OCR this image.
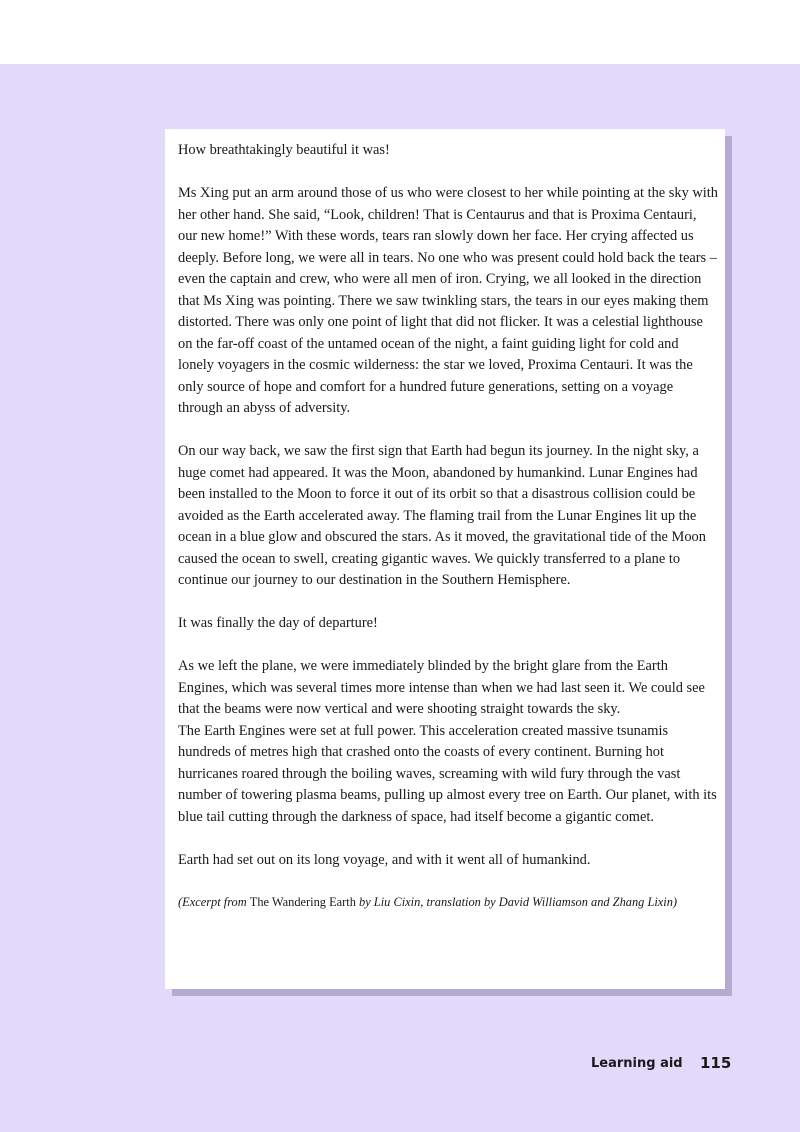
How breathtakingly beautiful it was!

Ms Xing put an arm around those of us who were closest to her while pointing at the sky with her other hand. She said, “Look, children! That is Centaurus and that is Proxima Centauri, our new home!” With these words, tears ran slowly down her face. Her crying affected us deeply. Before long, we were all in tears. No one who was present could hold back the tears – even the captain and crew, who were all men of iron. Crying, we all looked in the direction that Ms Xing was pointing. There we saw twinkling stars, the tears in our eyes making them distorted. There was only one point of light that did not flicker. It was a celestial lighthouse on the far-off coast of the untamed ocean of the night, a faint guiding light for cold and lonely voyagers in the cosmic wilderness: the star we loved, Proxima Centauri. It was the only source of hope and comfort for a hundred future generations, setting on a voyage through an abyss of adversity.

On our way back, we saw the first sign that Earth had begun its journey. In the night sky, a huge comet had appeared. It was the Moon, abandoned by humankind. Lunar Engines had been installed to the Moon to force it out of its orbit so that a disastrous collision could be avoided as the Earth accelerated away. The flaming trail from the Lunar Engines lit up the ocean in a blue glow and obscured the stars. As it moved, the gravitational tide of the Moon caused the ocean to swell, creating gigantic waves. We quickly transferred to a plane to continue our journey to our destination in the Southern Hemisphere.

It was finally the day of departure!

As we left the plane, we were immediately blinded by the bright glare from the Earth Engines, which was several times more intense than when we had last seen it. We could see that the beams were now vertical and were shooting straight towards the sky.

The Earth Engines were set at full power. This acceleration created massive tsunamis hundreds of metres high that crashed onto the coasts of every continent. Burning hot hurricanes roared through the boiling waves, screaming with wild fury through the vast number of towering plasma beams, pulling up almost every tree on Earth. Our planet, with its blue tail cutting through the darkness of space, had itself become a gigantic comet.

Earth had set out on its long voyage, and with it went all of humankind.

(Excerpt from The Wandering Earth by Liu Cixin, translation by David Williamson and Zhang Lixin)

Learning aid 115
